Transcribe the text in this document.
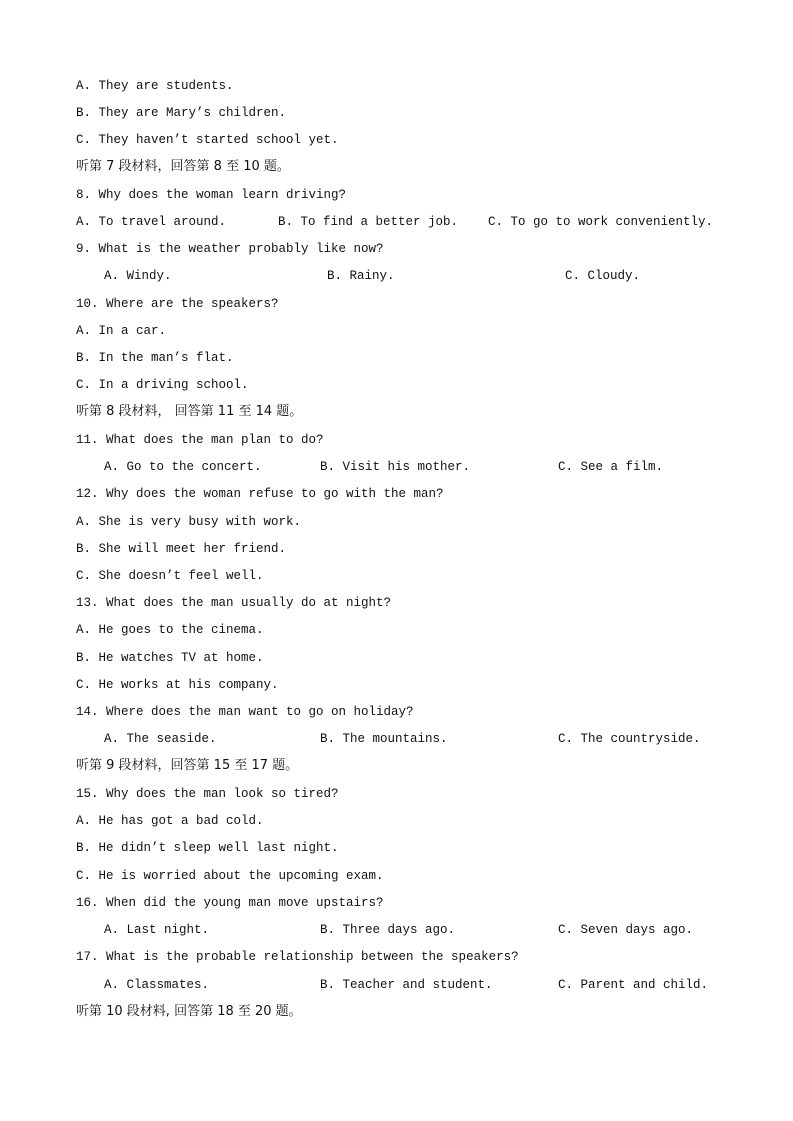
A. They are students.

B. They are Mary’s children.

C. They haven’t started school yet.

听第 7 段材料，回答第 8 至 10 题。

8. Why does the woman learn driving?

A. To travel around.	B. To find a better job. C. To go to work conveniently.

9. What is the weather probably like now?

A. Windy.	B. Rainy.	C. Cloudy.

10. Where are the speakers?

A. In a car.

B. In the man’s flat.

C. In a driving school.

听第 8 段材料， 回答第 11 至 14 题。

11. What does the man plan to do?

A. Go to the concert.	B. Visit his mother.	C. See a film.

12. Why does the woman refuse to go with the man?

A. She is very busy with work.

B. She will meet her friend.

C. She doesn’t feel well.

13. What does the man usually do at night?

A. He goes to the cinema.

B. He watches TV at home.

C. He works at his company.

14. Where does the man want to go on holiday?

A. The seaside.	B. The mountains.	C. The countryside.

听第 9 段材料，回答第 15 至 17 题。

15. Why does the man look so tired?

A. He has got a bad cold.

B. He didn’t sleep well last night.

C. He is worried about the upcoming exam.

16. When did the young man move upstairs?

A. Last night.	B. Three days ago.	C. Seven days ago.

17. What is the probable relationship between the speakers?

A. Classmates.	B. Teacher and student.	C. Parent and child.

听第 10 段材料, 回答第 18 至 20 题。
